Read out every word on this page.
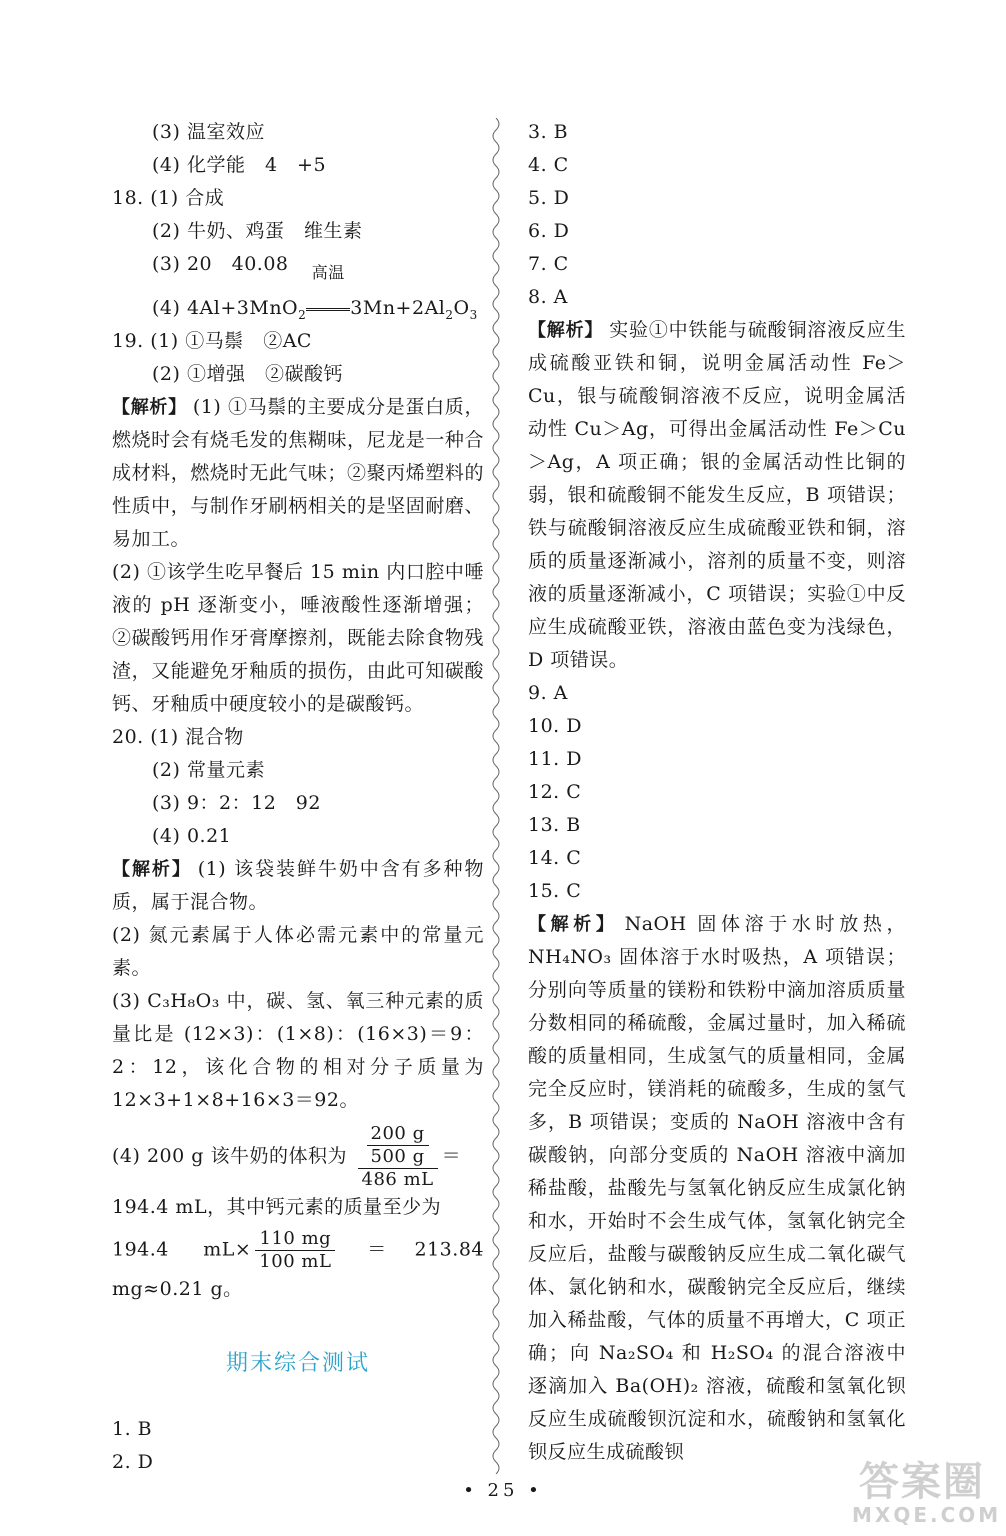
(3) 温室效应
(4) 化学能　4　+5
18. (1) 合成
(2) 牛奶、鸡蛋　维生素
(3) 20　40.08
(4) 4Al+3MnO$_2$
高温
$3Mn+2Al_2O_3$
19. (1) ①马鬃　②AC
(2) ①增强　②碳酸钙
【解析】 (1) ①马鬃的主要成分是蛋白质，燃烧时会有烧毛发的焦糊味，尼龙是一种合成材料，燃烧时无此气味；②聚丙烯塑料的性质中，与制作牙刷柄相关的是坚固耐磨、易加工。
(2) ①该学生吃早餐后 15 min 内口腔中唾液的 pH 逐渐变小，唾液酸性逐渐增强；②碳酸钙用作牙膏摩擦剂，既能去除食物残渣，又能避免牙釉质的损伤，由此可知碳酸钙、牙釉质中硬度较小的是碳酸钙。
20. (1) 混合物
(2) 常量元素
(3) 9：2：12　92
(4) 0.21
【解析】 (1) 该袋装鲜牛奶中含有多种物质，属于混合物。
(2) 氮元素属于人体必需元素中的常量元素。
(3) C₃H₈O₃ 中，碳、氢、氧三种元素的质量比是 (12×3)：(1×8)：(16×3)＝9：2：12，该化合物的相对分子质量为 12×3+1×8+16×3＝92。
(4) 200 g 该牛奶的体积为 $\frac{\frac{200 g}{500 g}}{486 mL}$ ＝
194.4 mL，其中钙元素的质量至少为
194.4 $mL\times \frac{110 mg}{100 mL} =213.84$ mg≈0.21 g。
期末综合测试
1. B
2. D
3. B
4. C
5. D
6. D
7. C
8. A
【解析】 实验①中铁能与硫酸铜溶液反应生成硫酸亚铁和铜，说明金属活动性 Fe＞Cu，银与硫酸铜溶液不反应，说明金属活动性 Cu＞Ag，可得出金属活动性 Fe＞Cu＞Ag，A 项正确；银的金属活动性比铜的弱，银和硫酸铜不能发生反应，B 项错误；铁与硫酸铜溶液反应生成硫酸亚铁和铜，溶质的质量逐渐减小，溶剂的质量不变，则溶液的质量逐渐减小，C 项错误；实验①中反应生成硫酸亚铁，溶液由蓝色变为浅绿色，D 项错误。
9. A
10. D
11. D
12. C
13. B
14. C
15. C
【解析】 NaOH 固体溶于水时放热，NH₄NO₃ 固体溶于水时吸热，A 项错误；分别向等质量的镁粉和铁粉中滴加溶质质量分数相同的稀硫酸，金属过量时，加入稀硫酸的质量相同，生成氢气的质量相同，金属完全反应时，镁消耗的硫酸多，生成的氢气多，B 项错误；变质的 NaOH 溶液中含有碳酸钠，向部分变质的 NaOH 溶液中滴加稀盐酸，盐酸先与氢氧化钠反应生成氯化钠和水，开始时不会生成气体，氢氧化钠完全反应后，盐酸与碳酸钠反应生成二氧化碳气体、氯化钠和水，碳酸钠完全反应后，继续加入稀盐酸，气体的质量不再增大，C 项正确；向 Na₂SO₄ 和 H₂SO₄ 的混合溶液中逐滴加入 Ba(OH)₂ 溶液，硫酸和氢氧化钡反应生成硫酸钡沉淀和水，硫酸钠和氢氧化钡反应生成硫酸钡
• 25 •	答案圈
MXQE.COM
